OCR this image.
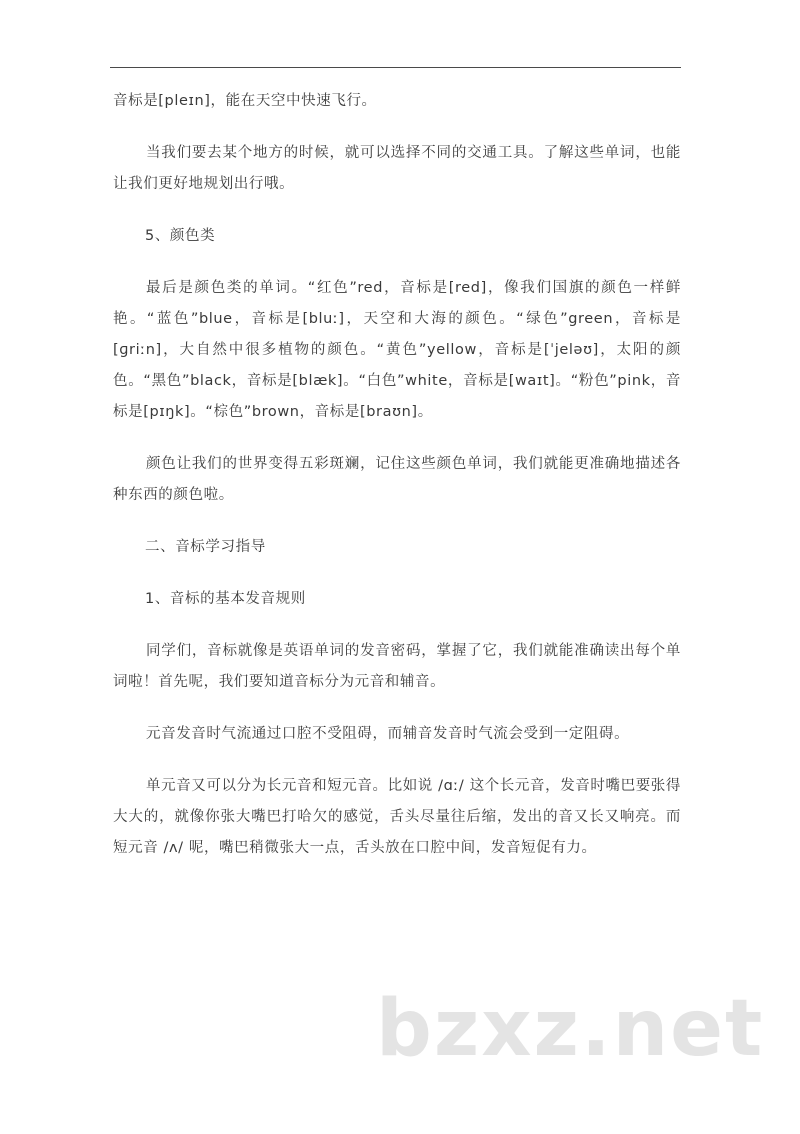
音标是[pleɪn]，能在天空中快速飞行。

当我们要去某个地方的时候，就可以选择不同的交通工具。了解这些单词，也能让我们更好地规划出行哦。

5、颜色类

最后是颜色类的单词。“红色”red，音标是[red]，像我们国旗的颜色一样鲜艳。“蓝色”blue，音标是[bluː]，天空和大海的颜色。“绿色”green，音标是[ɡriːn]，大自然中很多植物的颜色。“黄色”yellow，音标是[ˈjeləʊ]，太阳的颜色。“黑色”black，音标是[blæk]。“白色”white，音标是[waɪt]。“粉色”pink，音标是[pɪŋk]。“棕色”brown，音标是[braʊn]。

颜色让我们的世界变得五彩斑斓，记住这些颜色单词，我们就能更准确地描述各种东西的颜色啦。

二、音标学习指导

1、音标的基本发音规则

同学们，音标就像是英语单词的发音密码，掌握了它，我们就能准确读出每个单词啦！首先呢，我们要知道音标分为元音和辅音。

元音发音时气流通过口腔不受阻碍，而辅音发音时气流会受到一定阻碍。

单元音又可以分为长元音和短元音。比如说 /ɑː/ 这个长元音，发音时嘴巴要张得大大的，就像你张大嘴巴打哈欠的感觉，舌头尽量往后缩，发出的音又长又响亮。而短元音 /ʌ/ 呢，嘴巴稍微张大一点，舌头放在口腔中间，发音短促有力。

bzxz.net
